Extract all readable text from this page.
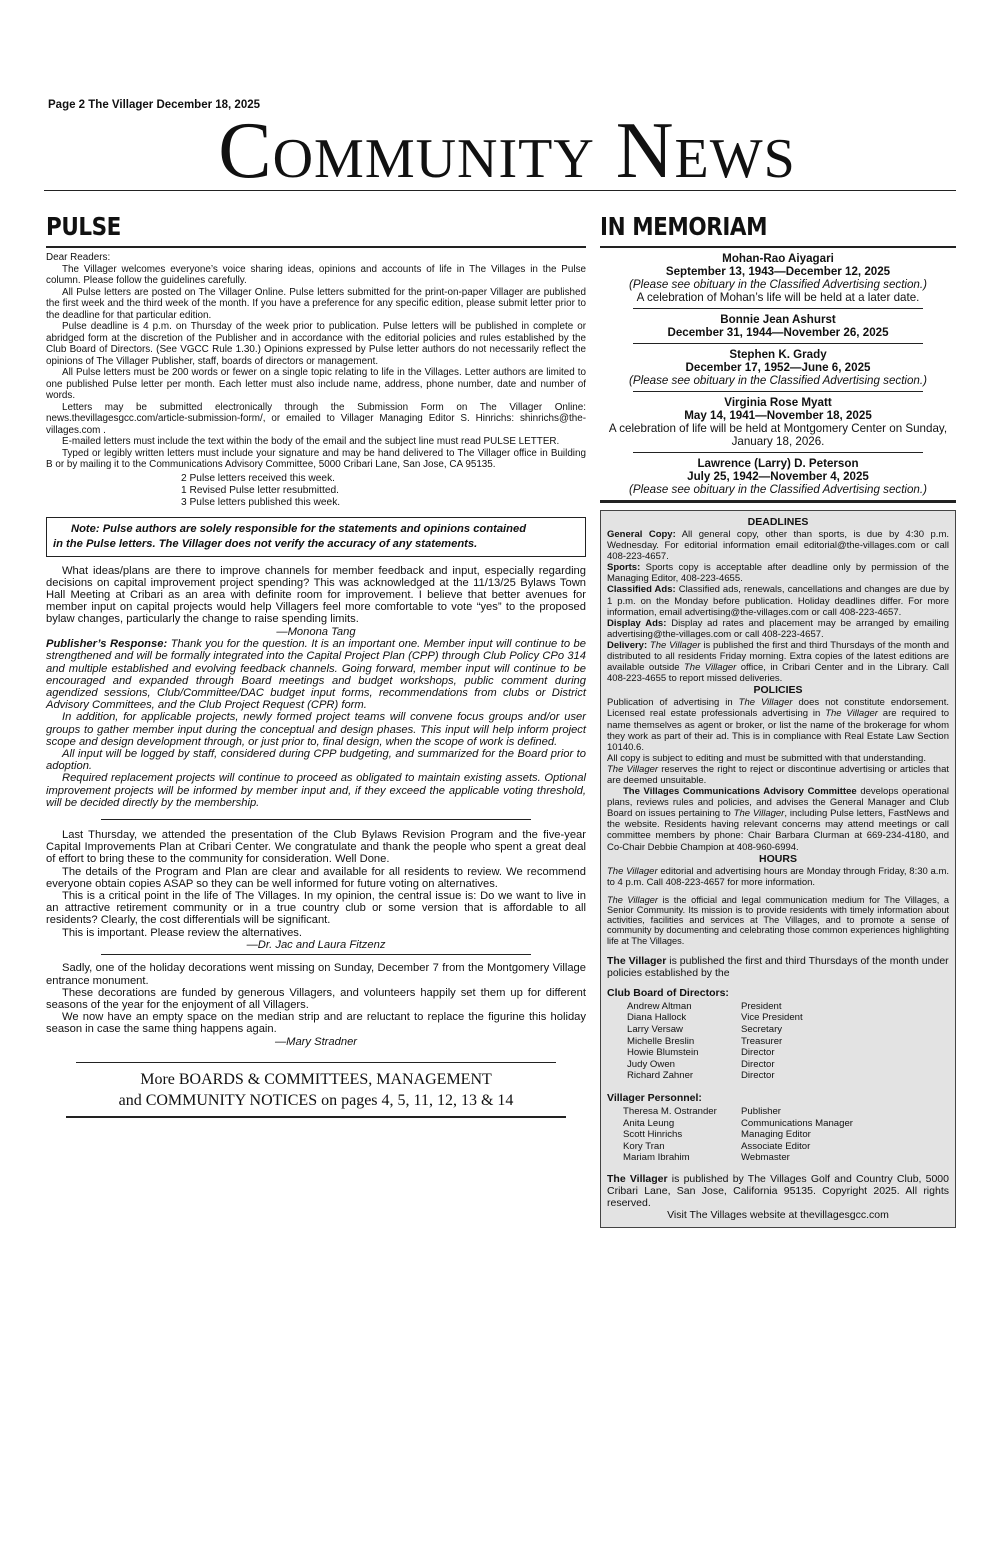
Page 2 The Villager December 18, 2025
Community News
PULSE

Dear Readers:

The Villager welcomes everyone’s voice sharing ideas, opinions and accounts of life in The Villages in the Pulse column. Please follow the guidelines carefully.

All Pulse letters are posted on The Villager Online. Pulse letters submitted for the print-on-paper Villager are published the first week and the third week of the month. If you have a preference for any specific edition, please submit letter prior to the deadline for that particular edition.

Pulse deadline is 4 p.m. on Thursday of the week prior to publication. Pulse letters will be published in complete or abridged form at the discretion of the Publisher and in accordance with the editorial policies and rules established by the Club Board of Directors. (See VGCC Rule 1.30.) Opinions expressed by Pulse letter authors do not necessarily reflect the opinions of The Villager Publisher, staff, boards of directors or management.

All Pulse letters must be 200 words or fewer on a single topic relating to life in the Villages. Letter authors are limited to one published Pulse letter per month. Each letter must also include name, address, phone number, date and number of words.

Letters may be submitted electronically through the Submission Form on The Villager Online: news.thevillagesgcc.com/article-submission-form/, or emailed to Villager Managing Editor S. Hinrichs: shinrichs@the-villages.com .

E-mailed letters must include the text within the body of the email and the subject line must read PULSE LETTER.

Typed or legibly written letters must include your signature and may be hand delivered to The Villager office in Building B or by mailing it to the Communications Advisory Committee, 5000 Cribari Lane, San Jose, CA 95135.

2 Pulse letters received this week.
1 Revised Pulse letter resubmitted.
3 Pulse letters published this week.
Note: Pulse authors are solely responsible for the statements and opinions contained
in the Pulse letters. The Villager does not verify the accuracy of any statements.

What ideas/plans are there to improve channels for member feedback and input, especially regarding decisions on capital improvement project spending? This was acknowledged at the 11/13/25 Bylaws Town Hall Meeting at Cribari as an area with definite room for improvement. I believe that better avenues for member input on capital projects would help Villagers feel more comfortable to vote “yes” to the proposed bylaw changes, particularly the change to raise spending limits.

—Monona Tang

Publisher’s Response: Thank you for the question. It is an important one. Member input will continue to be strengthened and will be formally integrated into the Capital Project Plan (CPP) through Club Policy CPo 314 and multiple established and evolving feedback channels. Going forward, member input will continue to be encouraged and expanded through Board meetings and budget workshops, public comment during agendized sessions, Club/Committee/DAC budget input forms, recommendations from clubs or District Advisory Committees, and the Club Project Request (CPR) form.

In addition, for applicable projects, newly formed project teams will convene focus groups and/or user groups to gather member input during the conceptual and design phases. This input will help inform project scope and design development through, or just prior to, final design, when the scope of work is defined.

All input will be logged by staff, considered during CPP budgeting, and summarized for the Board prior to adoption.

Required replacement projects will continue to proceed as obligated to maintain existing assets. Optional improvement projects will be informed by member input and, if they exceed the applicable voting threshold, will be decided directly by the membership.

Last Thursday, we attended the presentation of the Club Bylaws Revision Program and the five-year Capital Improvements Plan at Cribari Center. We congratulate and thank the people who spent a great deal of effort to bring these to the community for consideration. Well Done.

The details of the Program and Plan are clear and available for all residents to review. We recommend everyone obtain copies ASAP so they can be well informed for future voting on alternatives.

This is a critical point in the life of The Villages. In my opinion, the central issue is: Do we want to live in an attractive retirement community or in a true country club or some version that is affordable to all residents? Clearly, the cost differentials will be significant.

This is important. Please review the alternatives.

—Dr. Jac and Laura Fitzenz

Sadly, one of the holiday decorations went missing on Sunday, December 7 from the Montgomery Village entrance monument.

These decorations are funded by generous Villagers, and volunteers happily set them up for different seasons of the year for the enjoyment of all Villagers.

We now have an empty space on the median strip and are reluctant to replace the figurine this holiday season in case the same thing happens again.

—Mary Stradner
More BOARDS & COMMITTEES, MANAGEMENT
and COMMUNITY NOTICES on pages 4, 5, 11, 12, 13 & 14
IN MEMORIAM
Mohan-Rao Aiyagari
September 13, 1943—December 12, 2025
(Please see obituary in the Classified Advertising section.)
A celebration of Mohan’s life will be held at a later date.
Bonnie Jean Ashurst
December 31, 1944—November 26, 2025
Stephen K. Grady
December 17, 1952—June 6, 2025
(Please see obituary in the Classified Advertising section.)
Virginia Rose Myatt
May 14, 1941—November 18, 2025
A celebration of life will be held at Montgomery Center on Sunday, January 18, 2026.
Lawrence (Larry) D. Peterson
July 25, 1942—November 4, 2025
(Please see obituary in the Classified Advertising section.)
DEADLINES

General Copy: All general copy, other than sports, is due by 4:30 p.m. Wednesday. For editorial information email editorial@the-villages.com or call 408-223-4657.

Sports: Sports copy is acceptable after deadline only by permission of the Managing Editor, 408-223-4655.

Classified Ads: Classified ads, renewals, cancellations and changes are due by 1 p.m. on the Monday before publication. Holiday deadlines differ. For more information, email advertising@the-villages.com or call 408-223-4657.

Display Ads: Display ad rates and placement may be arranged by emailing advertising@the-villages.com or call 408-223-4657.

Delivery: The Villager is published the first and third Thursdays of the month and distributed to all residents Friday morning. Extra copies of the latest editions are available outside The Villager office, in Cribari Center and in the Library. Call 408-223-4655 to report missed deliveries.

POLICIES

Publication of advertising in The Villager does not constitute endorsement. Licensed real estate professionals advertising in The Villager are required to name themselves as agent or broker, or list the name of the brokerage for whom they work as part of their ad. This is in compliance with Real Estate Law Section 10140.6.

All copy is subject to editing and must be submitted with that understanding.

The Villager reserves the right to reject or discontinue advertising or articles that are deemed unsuitable.

The Villages Communications Advisory Committee develops operational plans, reviews rules and policies, and advises the General Manager and Club Board on issues pertaining to The Villager, including Pulse letters, FastNews and the website. Residents having relevant concerns may attend meetings or call committee members by phone: Chair Barbara Clurman at 669-234-4180, and Co-Chair Debbie Champion at 408-960-6994.

HOURS

The Villager editorial and advertising hours are Monday through Friday, 8:30 a.m. to 4 p.m. Call 408-223-4657 for more information.

The Villager is the official and legal communication medium for The Villages, a Senior Community. Its mission is to provide residents with timely information about activities, facilities and services at The Villages, and to promote a sense of community by documenting and celebrating those common experiences highlighting life at The Villages.

The Villager is published the first and third Thursdays of the month under policies established by the

Club Board of Directors:

Andrew Altman	President
Diana Hallock	Vice President
Larry Versaw	Secretary
Michelle Breslin	Treasurer
Howie Blumstein	Director
Judy Owen	Director
Richard Zahner	Director

Villager Personnel:

Theresa M. Ostrander	Publisher
Anita Leung	Communications Manager
Scott Hinrichs	Managing Editor
Kory Tran	Associate Editor
Mariam Ibrahim	Webmaster

The Villager is published by The Villages Golf and Country Club, 5000 Cribari Lane, San Jose, California 95135. Copyright 2025. All rights reserved.

Visit The Villages website at thevillagesgcc.com
